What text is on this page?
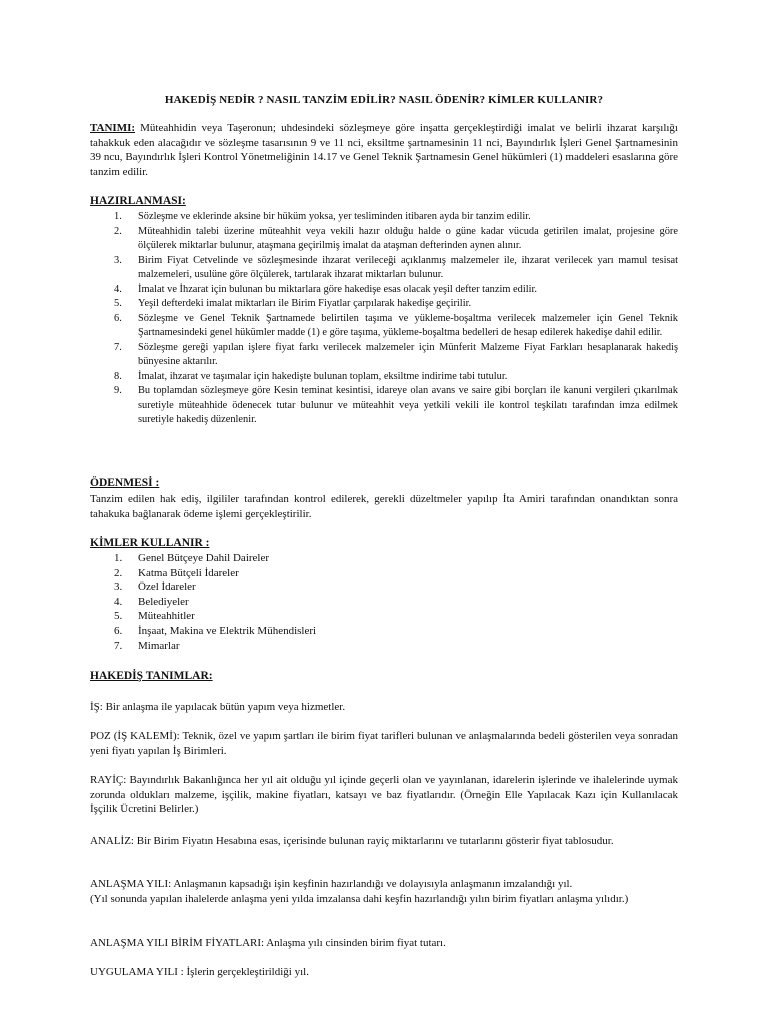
HAKEDİŞ NEDİR ? NASIL TANZİM EDİLİR? NASIL ÖDENİR? KİMLER KULLANIR?
TANIMI: Müteahhidin veya Taşeronun; uhdesindeki sözleşmeye göre inşatta gerçekleştirdiği imalat ve belirli ihzarat karşılığı tahakkuk eden alacağıdır ve sözleşme tasarısının 9 ve 11 nci, eksiltme şartnamesinin 11 nci, Bayındırlık İşleri Genel Şartnamesinin 39 ncu, Bayındırlık İşleri Kontrol Yönetmeliğinin 14.17 ve Genel Teknik Şartnamesin Genel hükümleri (1) maddeleri esaslarına göre tanzim edilir.
HAZIRLANMASI:
1.	Sözleşme ve eklerinde aksine bir hüküm yoksa, yer tesliminden itibaren ayda bir tanzim edilir.
2.	Müteahhidin talebi üzerine müteahhit veya vekili hazır olduğu halde o güne kadar vücuda getirilen imalat, projesine göre ölçülerek miktarlar bulunur, ataşmana geçirilmiş imalat da ataşman defterinden aynen alınır.
3.	Birim Fiyat Cetvelinde ve sözleşmesinde ihzarat verileceği açıklanmış malzemeler ile, ihzarat verilecek yarı mamul tesisat malzemeleri, usulüne göre ölçülerek, tartılarak ihzarat miktarları bulunur.
4.	İmalat ve İhzarat için bulunan bu miktarlara göre hakedişe esas olacak yeşil defter tanzim edilir.
5.	Yeşil defterdeki imalat miktarları ile Birim Fiyatlar çarpılarak hakedişe geçirilir.
6.	Sözleşme ve Genel Teknik Şartnamede belirtilen taşıma ve yükleme-boşaltma verilecek malzemeler için Genel Teknik Şartnamesindeki genel hükümler madde (1) e göre taşıma, yükleme-boşaltma bedelleri de hesap edilerek hakedişe dahil edilir.
7.	Sözleşme gereği yapılan işlere fiyat farkı verilecek malzemeler için Münferit Malzeme Fiyat Farkları hesaplanarak hakediş bünyesine aktarılır.
8.	İmalat, ihzarat ve taşımalar için hakedişte bulunan toplam, eksiltme indirime tabi tutulur.
9.	Bu toplamdan sözleşmeye göre Kesin teminat kesintisi, idareye olan avans ve saire gibi borçları ile kanuni vergileri çıkarılmak suretiyle müteahhide ödenecek tutar bulunur ve müteahhit veya yetkili vekili ile kontrol teşkilatı tarafından imza edilmek suretiyle hakediş düzenlenir.
ÖDENMESİ :
Tanzim edilen hak ediş, ilgililer tarafından kontrol edilerek, gerekli düzeltmeler yapılıp İta Amiri tarafından onandıktan sonra tahakuka bağlanarak ödeme işlemi gerçekleştirilir.
KİMLER KULLANIR :
1.	Genel Bütçeye Dahil Daireler
2.	Katma Bütçeli İdareler
3.	Özel İdareler
4.	Belediyeler
5.	Müteahhitler
6.	İnşaat, Makina ve Elektrik Mühendisleri
7.	Mimarlar
HAKEDİŞ TANIMLAR:
İŞ: Bir anlaşma ile yapılacak bütün yapım veya hizmetler.
POZ (İŞ KALEMİ): Teknik, özel ve yapım şartları ile birim fiyat tarifleri bulunan ve anlaşmalarında bedeli gösterilen veya sonradan yeni fiyatı yapılan İş Birimleri.
RAYİÇ: Bayındırlık Bakanlığınca her yıl ait olduğu yıl içinde geçerli olan ve yayınlanan, idarelerin işlerinde ve ihalelerinde uymak zorunda oldukları malzeme, işçilik, makine fiyatları, katsayı ve baz fiyatlarıdır. (Örneğin Elle Yapılacak Kazı için Kullanılacak İşçilik Ücretini Belirler.)
ANALİZ: Bir Birim Fiyatın Hesabına esas, içerisinde bulunan rayiç miktarlarını ve tutarlarını gösterir fiyat tablosudur.
ANLAŞMA YILI: Anlaşmanın kapsadığı işin keşfinin hazırlandığı ve dolayısıyla anlaşmanın imzalandığı yıl.
(Yıl sonunda yapılan ihalelerde anlaşma yeni yılda imzalansa dahi keşfin hazırlandığı yılın birim fiyatları anlaşma yılıdır.)
ANLAŞMA YILI BİRİM FİYATLARI: Anlaşma yılı cinsinden birim fiyat tutarı.
UYGULAMA YILI : İşlerin gerçekleştirildiği yıl.
